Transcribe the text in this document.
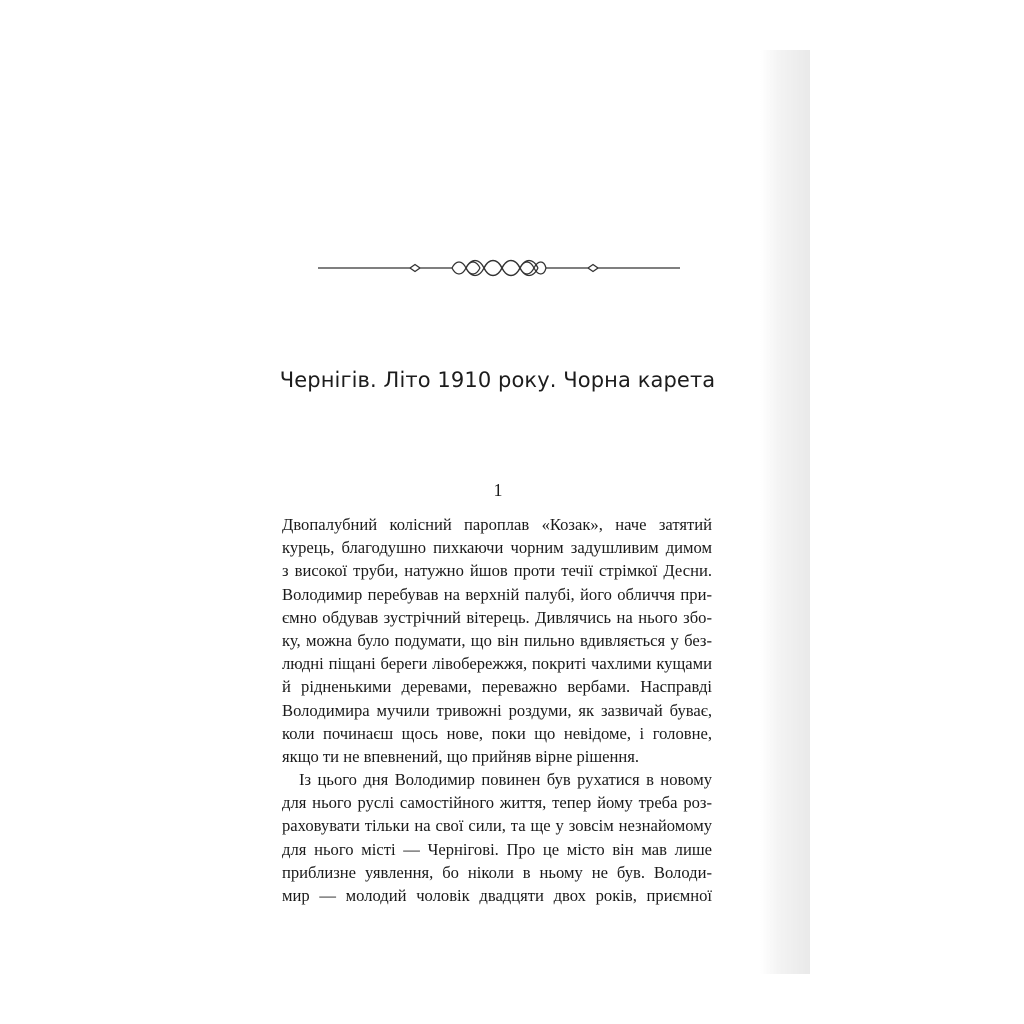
Чернігів. Літо 1910 року. Чорна карета
1
Двопалубний колісний пароплав «Козак», наче затятий
курець, благодушно пихкаючи чорним задушливим димом
з високої труби, натужно йшов проти течії стрімкої Десни.
Володимир перебував на верхній палубі, його обличчя при-
ємно обдував зустрічний вітерець. Дивлячись на нього збо-
ку, можна було подумати, що він пильно вдивляється у без-
людні піщані береги лівобережжя, покриті чахлими кущами
й рідненькими деревами, переважно вербами. Насправді
Володимира мучили тривожні роздуми, як зазвичай буває,
коли починаєш щось нове, поки що невідоме, і головне,
якщо ти не впевнений, що прийняв вірне рішення.
Із цього дня Володимир повинен був рухатися в новому
для нього руслі самостійного життя, тепер йому треба роз-
раховувати тільки на свої сили, та ще у зовсім незнайомому
для нього місті — Чернігові. Про це місто він мав лише
приблизне уявлення, бо ніколи в ньому не був. Володи-
мир — молодий чоловік двадцяти двох років, приємної
